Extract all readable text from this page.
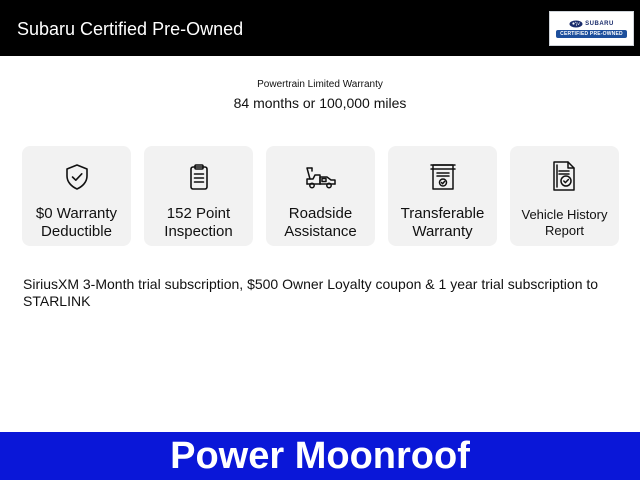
Subaru Certified Pre-Owned	SUBARU
CERTIFIED PRE-OWNED
Powertrain Limited Warranty
84 months or 100,000 miles
$0 Warranty
Deductible
152 Point
Inspection
Roadside
Assistance
Transferable
Warranty
Vehicle History
Report
SiriusXM 3-Month trial subscription, $500 Owner Loyalty coupon & 1 year trial subscription to STARLINK
Power Moonroof
